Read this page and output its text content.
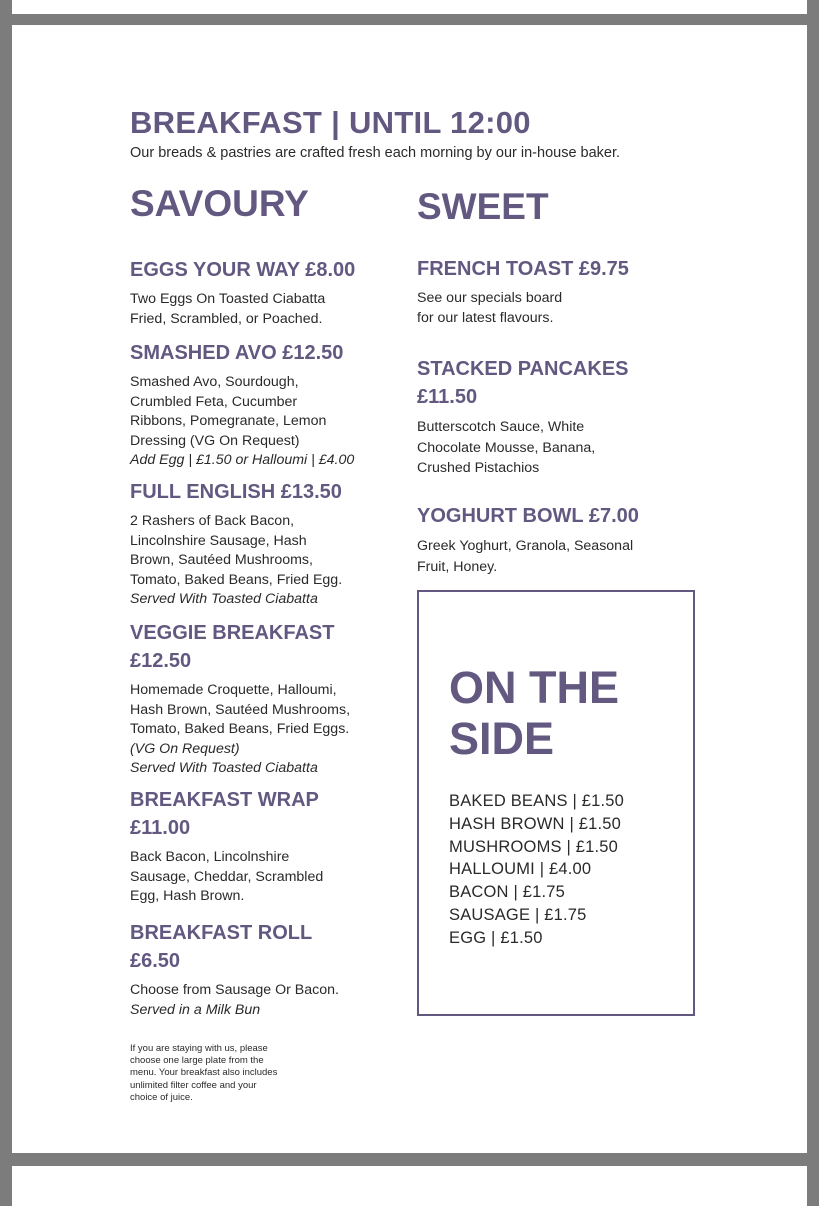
BREAKFAST | UNTIL 12:00

Our breads & pastries are crafted fresh each morning by our in-house baker.

SAVOURY	SWEET
EGGS YOUR WAY £8.00

Two Eggs On Toasted Ciabatta

Fried, Scrambled, or Poached.

SMASHED AVO £12.50

Smashed Avo, Sourdough,

Crumbled Feta, Cucumber

Ribbons, Pomegranate, Lemon

Dressing (VG On Request)

Add Egg | £1.50 or Halloumi | £4.00

FULL ENGLISH £13.50

2 Rashers of Back Bacon,

Lincolnshire Sausage, Hash

Brown, Sautéed Mushrooms,

Tomato, Baked Beans, Fried Egg.

Served With Toasted Ciabatta

VEGGIE BREAKFAST
£12.50

Homemade Croquette, Halloumi,

Hash Brown, Sautéed Mushrooms,

Tomato, Baked Beans, Fried Eggs.

(VG On Request)

Served With Toasted Ciabatta

BREAKFAST WRAP
£11.00

Back Bacon, Lincolnshire

Sausage, Cheddar, Scrambled

Egg, Hash Brown.

BREAKFAST ROLL
£6.50

Choose from Sausage Or Bacon.

Served in a Milk Bun

FRENCH TOAST £9.75

See our specials board

for our latest flavours.

STACKED PANCAKES
£11.50

Butterscotch Sauce, White

Chocolate Mousse, Banana,

Crushed Pistachios

YOGHURT BOWL £7.00

Greek Yoghurt, Granola, Seasonal

Fruit, Honey.

ON THE
SIDE
BAKED BEANS | £1.50
HASH BROWN | £1.50
MUSHROOMS | £1.50
HALLOUMI | £4.00
BACON | £1.75
SAUSAGE | £1.75
EGG | £1.50
If you are staying with us, please
choose one large plate from the
menu. Your breakfast also includes
unlimited filter coffee and your
choice of juice.
